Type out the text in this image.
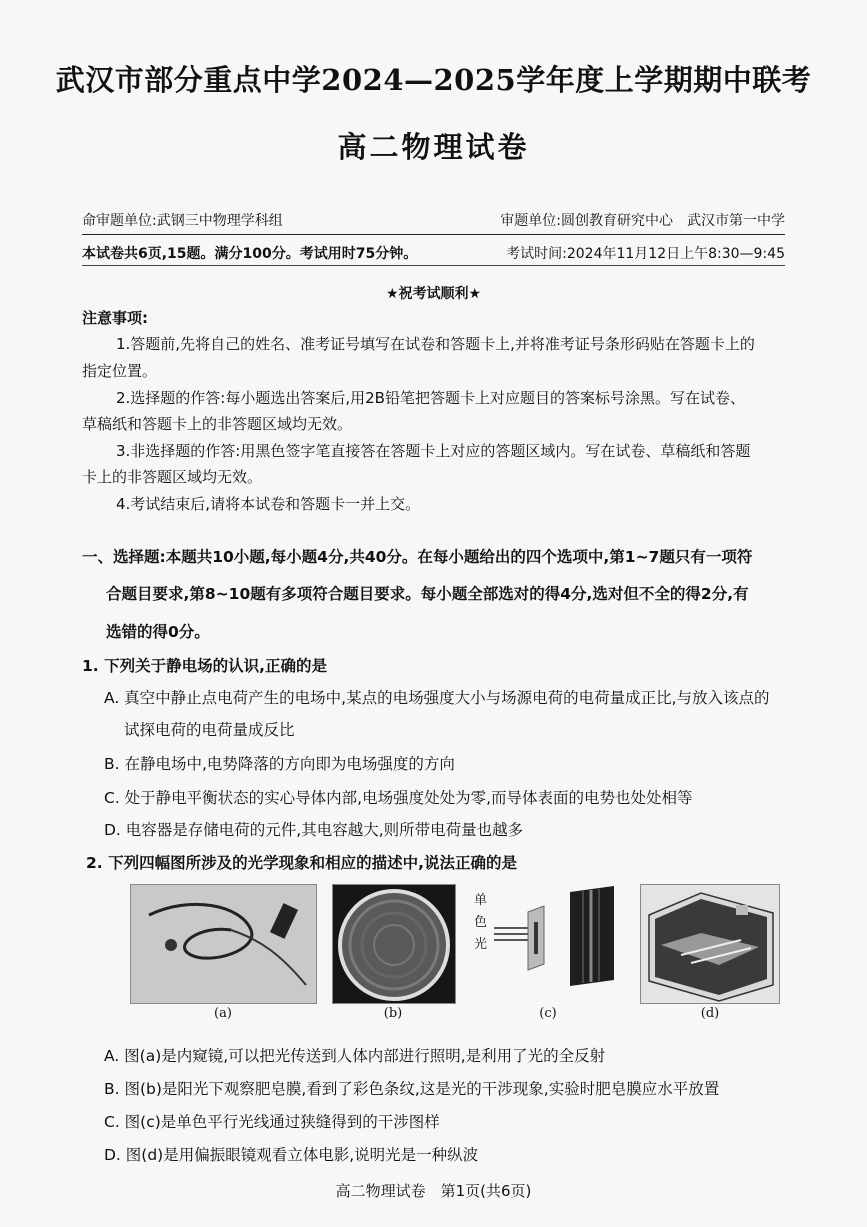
武汉市部分重点中学2024—2025学年度上学期期中联考
高二物理试卷
命审题单位:武钢三中物理学科组	审题单位:圆创教育研究中心　武汉市第一中学
本试卷共6页,15题。满分100分。考试用时75分钟。	考试时间:2024年11月12日上午8:30—9:45
★祝考试顺利★
注意事项:
1.答题前,先将自己的姓名、准考证号填写在试卷和答题卡上,并将准考证号条形码贴在答题卡上的
指定位置。
2.选择题的作答:每小题选出答案后,用2B铅笔把答题卡上对应题目的答案标号涂黑。写在试卷、
草稿纸和答题卡上的非答题区域均无效。
3.非选择题的作答:用黑色签字笔直接答在答题卡上对应的答题区域内。写在试卷、草稿纸和答题
卡上的非答题区域均无效。
4.考试结束后,请将本试卷和答题卡一并上交。
一、选择题:本题共10小题,每小题4分,共40分。在每小题给出的四个选项中,第1~7题只有一项符
合题目要求,第8~10题有多项符合题目要求。每小题全部选对的得4分,选对但不全的得2分,有
选错的得0分。
1. 下列关于静电场的认识,正确的是
A. 真空中静止点电荷产生的电场中,某点的电场强度大小与场源电荷的电荷量成正比,与放入该点的
试探电荷的电荷量成反比
B. 在静电场中,电势降落的方向即为电场强度的方向
C. 处于静电平衡状态的实心导体内部,电场强度处处为零,而导体表面的电势也处处相等
D. 电容器是存储电荷的元件,其电容越大,则所带电荷量也越多
2. 下列四幅图所涉及的光学现象和相应的描述中,说法正确的是
(a)	(b)
单
色
光
(c)	(d)
A. 图(a)是内窥镜,可以把光传送到人体内部进行照明,是利用了光的全反射
B. 图(b)是阳光下观察肥皂膜,看到了彩色条纹,这是光的干涉现象,实验时肥皂膜应水平放置
C. 图(c)是单色平行光线通过狭缝得到的干涉图样
D. 图(d)是用偏振眼镜观看立体电影,说明光是一种纵波
高二物理试卷　第1页(共6页)
